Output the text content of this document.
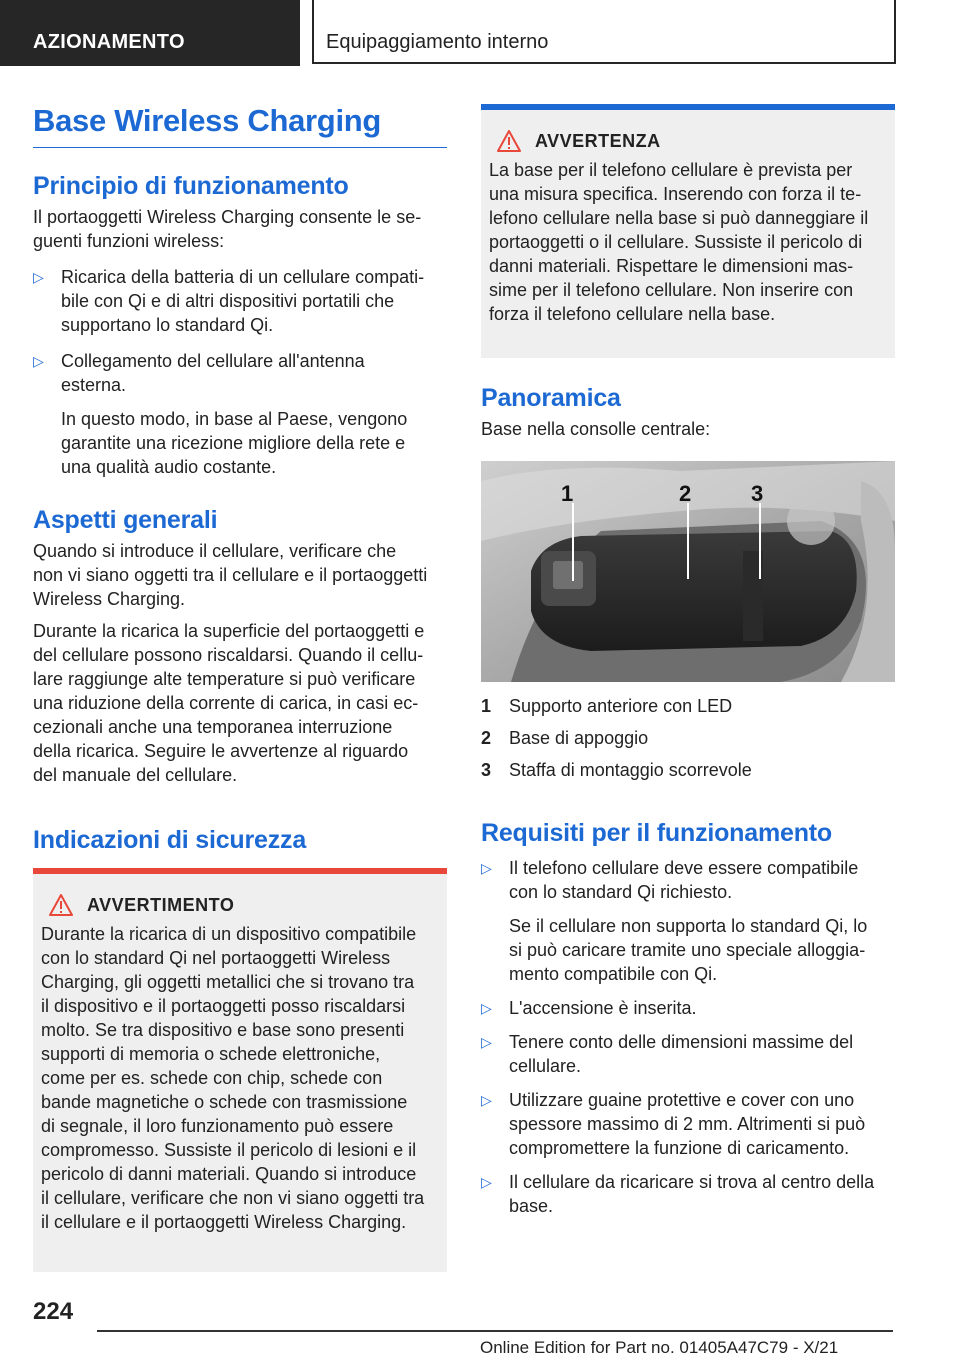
AZIONAMENTO	Equipaggiamento interno
Base Wireless Charging
Principio di funzionamento

Il portaoggetti Wireless Charging consente le se-
guenti funzioni wireless:

▷ Ricarica della batteria di un cellulare compati-
bile con Qi e di altri dispositivi portatili che
supportano lo standard Qi.
▷ Collegamento del cellulare all'antenna
esterna.
In questo modo, in base al Paese, vengono
garantite una ricezione migliore della rete e
una qualità audio costante.
Aspetti generali

Quando si introduce il cellulare, verificare che
non vi siano oggetti tra il cellulare e il portaoggetti
Wireless Charging.

Durante la ricarica la superficie del portaoggetti e
del cellulare possono riscaldarsi. Quando il cellu-
lare raggiunge alte temperature si può verificare
una riduzione della corrente di carica, in casi ec-
cezionali anche una temporanea interruzione
della ricarica. Seguire le avvertenze al riguardo
del manuale del cellulare.

Indicazioni di sicurezza
AVVERTIMENTO

Durante la ricarica di un dispositivo compatibile
con lo standard Qi nel portaoggetti Wireless
Charging, gli oggetti metallici che si trovano tra
il dispositivo e il portaoggetti posso riscaldarsi
molto. Se tra dispositivo e base sono presenti
supporti di memoria o schede elettroniche,
come per es. schede con chip, schede con
bande magnetiche o schede con trasmissione
di segnale, il loro funzionamento può essere
compromesso. Sussiste il pericolo di lesioni e il
pericolo di danni materiali. Quando si introduce
il cellulare, verificare che non vi siano oggetti tra
il cellulare e il portaoggetti Wireless Charging.

AVVERTENZA

La base per il telefono cellulare è prevista per
una misura specifica. Inserendo con forza il te-
lefono cellulare nella base si può danneggiare il
portaoggetti o il cellulare. Sussiste il pericolo di
danni materiali. Rispettare le dimensioni mas-
sime per il telefono cellulare. Non inserire con
forza il telefono cellulare nella base.

Panoramica

Base nella consolle centrale:

1	2	3
1 Supporto anteriore con LED
2 Base di appoggio
3 Staffa di montaggio scorrevole
Requisiti per il funzionamento
▷ Il telefono cellulare deve essere compatibile
con lo standard Qi richiesto.
Se il cellulare non supporta lo standard Qi, lo
si può caricare tramite uno speciale alloggia-
mento compatibile con Qi.
▷ L'accensione è inserita.
▷ Tenere conto delle dimensioni massime del
cellulare.
▷ Utilizzare guaine protettive e cover con uno
spessore massimo di 2 mm. Altrimenti si può
compromettere la funzione di caricamento.
▷ Il cellulare da ricaricare si trova al centro della
base.
224
Online Edition for Part no. 01405A47C79 - X/21
